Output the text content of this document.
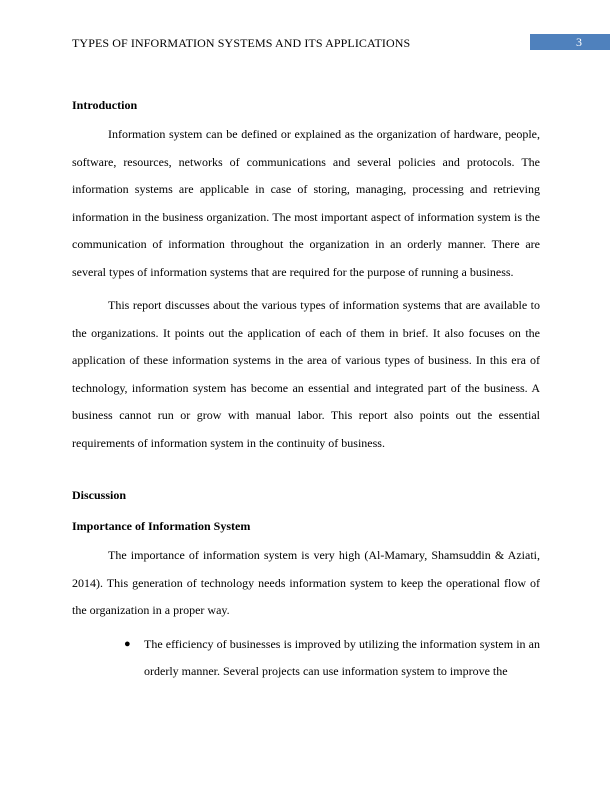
TYPES OF INFORMATION SYSTEMS AND ITS APPLICATIONS	3

Introduction

Information system can be defined or explained as the organization of hardware, people, software, resources, networks of communications and several policies and protocols. The information systems are applicable in case of storing, managing, processing and retrieving information in the business organization. The most important aspect of information system is the communication of information throughout the organization in an orderly manner. There are several types of information systems that are required for the purpose of running a business.

This report discusses about the various types of information systems that are available to the organizations. It points out the application of each of them in brief. It also focuses on the application of these information systems in the area of various types of business. In this era of technology, information system has become an essential and integrated part of the business. A business cannot run or grow with manual labor. This report also points out the essential requirements of information system in the continuity of business.

Discussion

Importance of Information System

The importance of information system is very high (Al-Mamary, Shamsuddin & Aziati, 2014). This generation of technology needs information system to keep the operational flow of the organization in a proper way.

● The efficiency of businesses is improved by utilizing the information system in an orderly manner. Several projects can use information system to improve the
